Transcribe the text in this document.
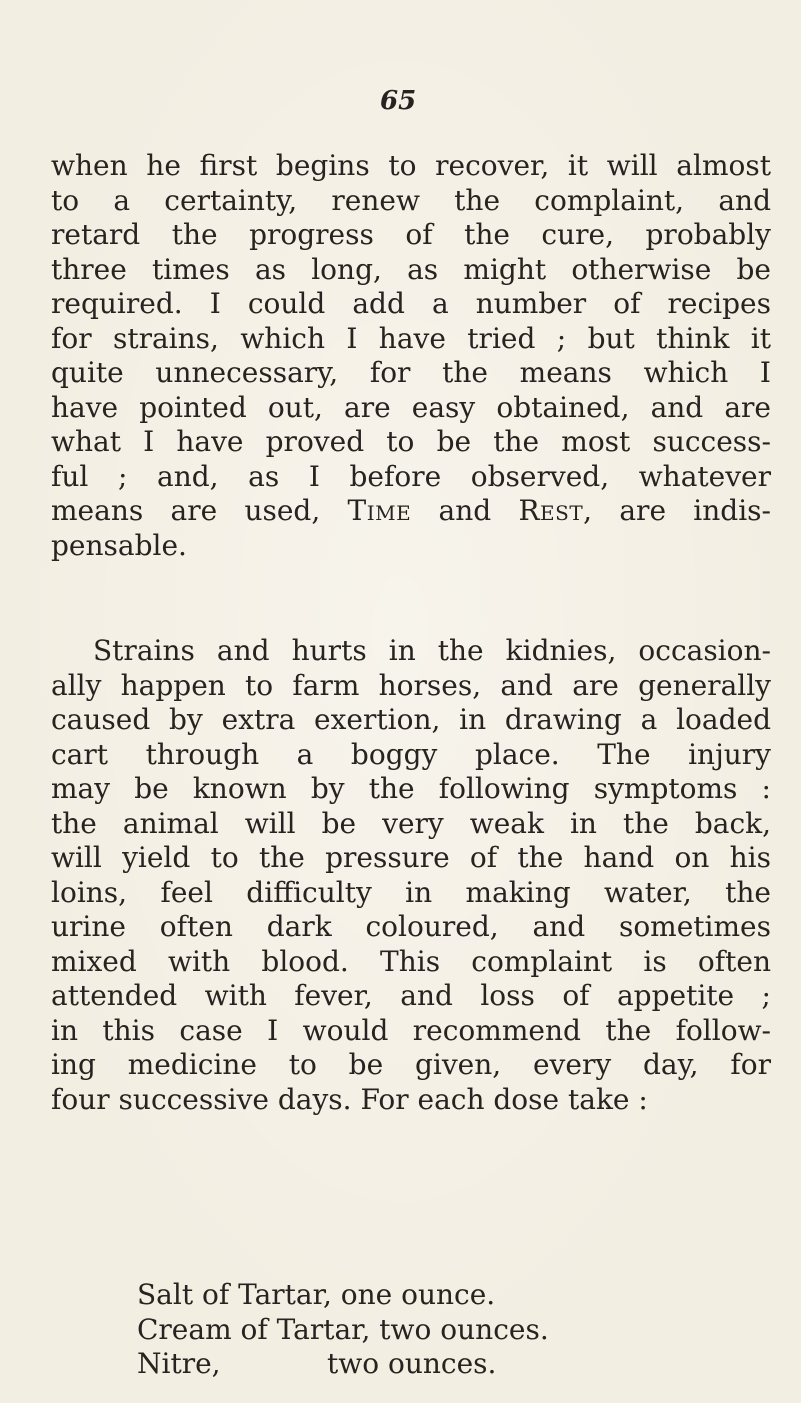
65
when he first begins to recover, it will almost
to a certainty, renew the complaint, and
retard the progress of the cure, probably
three times as long, as might otherwise be
required. I could add a number of recipes
for strains, which I have tried ; but think it
quite unnecessary, for the means which I
have pointed out, are easy obtained, and are
what I have proved to be the most success-
ful ; and, as I before observed, whatever
means are used, Time and Rest, are indis-
pensable.
Strains and hurts in the kidnies, occasion-
ally happen to farm horses, and are generally
caused by extra exertion, in drawing a loaded
cart through a boggy place. The injury
may be known by the following symptoms :
the animal will be very weak in the back,
will yield to the pressure of the hand on his
loins, feel difficulty in making water, the
urine often dark coloured, and sometimes
mixed with blood. This complaint is often
attended with fever, and loss of appetite ;
in this case I would recommend the follow-
ing medicine to be given, every day, for
four successive days. For each dose take :
Salt of Tartar, one ounce.
Cream of Tartar, two ounces.
Nitre,	two ounces.
